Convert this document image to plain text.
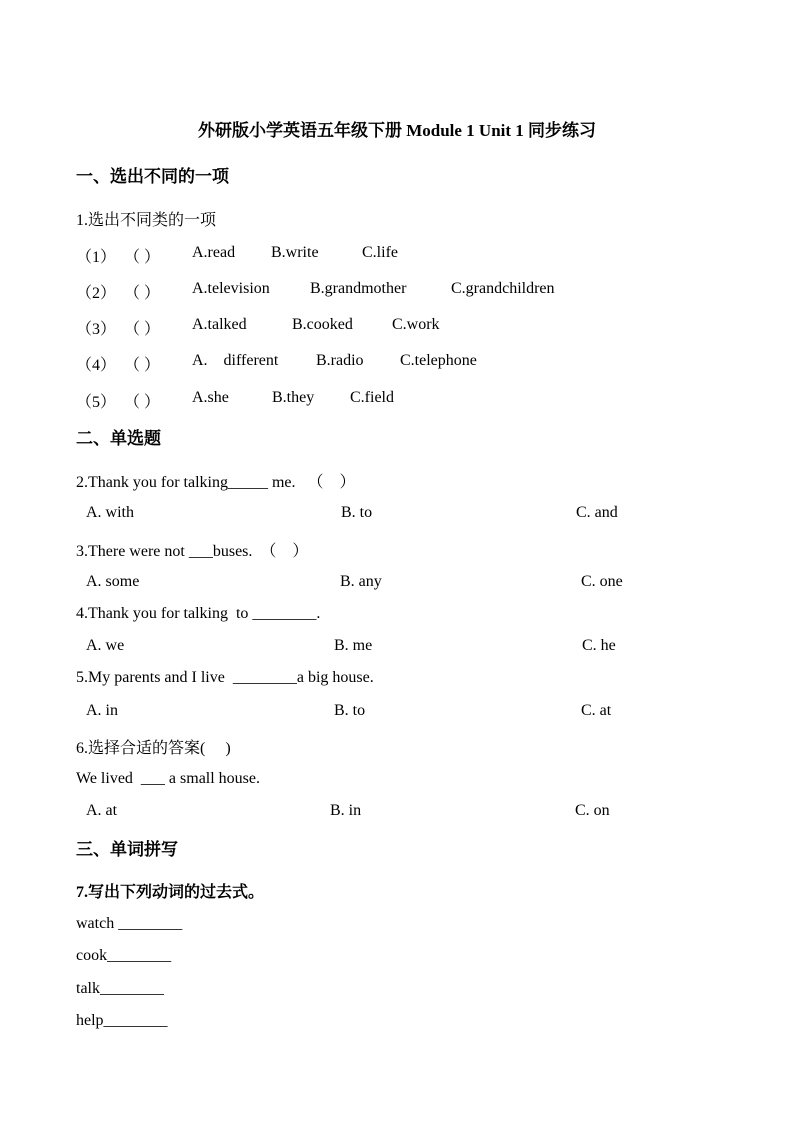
外研版小学英语五年级下册 Module 1 Unit 1 同步练习
一、选出不同的一项
1.选出不同类的一项
（1） （ ） A.read B.write	C.life
（2） （ ） A.television	B.grandmother	C.grandchildren
（3） （ ） A.talked	B.cooked C.work
（4） （ ） A.    different B.radio C.telephone
（5） （ ） A.she	B.they C.field
二、单选题
2.Thank you for talking_____ me.   （    ）
A. with	B. to	C. and
3.There were not ___buses.  （    ）
A. some	B. any	C. one
4.Thank you for talking  to ________.
A. we	B. me	C. he
5.My parents and I live  ________a big house.
A. in	B. to	C. at
6.选择合适的答案(     )
We lived  ___ a small house.
A. at	B. in	C. on
三、单词拼写
7.写出下列动词的过去式。
watch ________
cook________
talk________
help________
